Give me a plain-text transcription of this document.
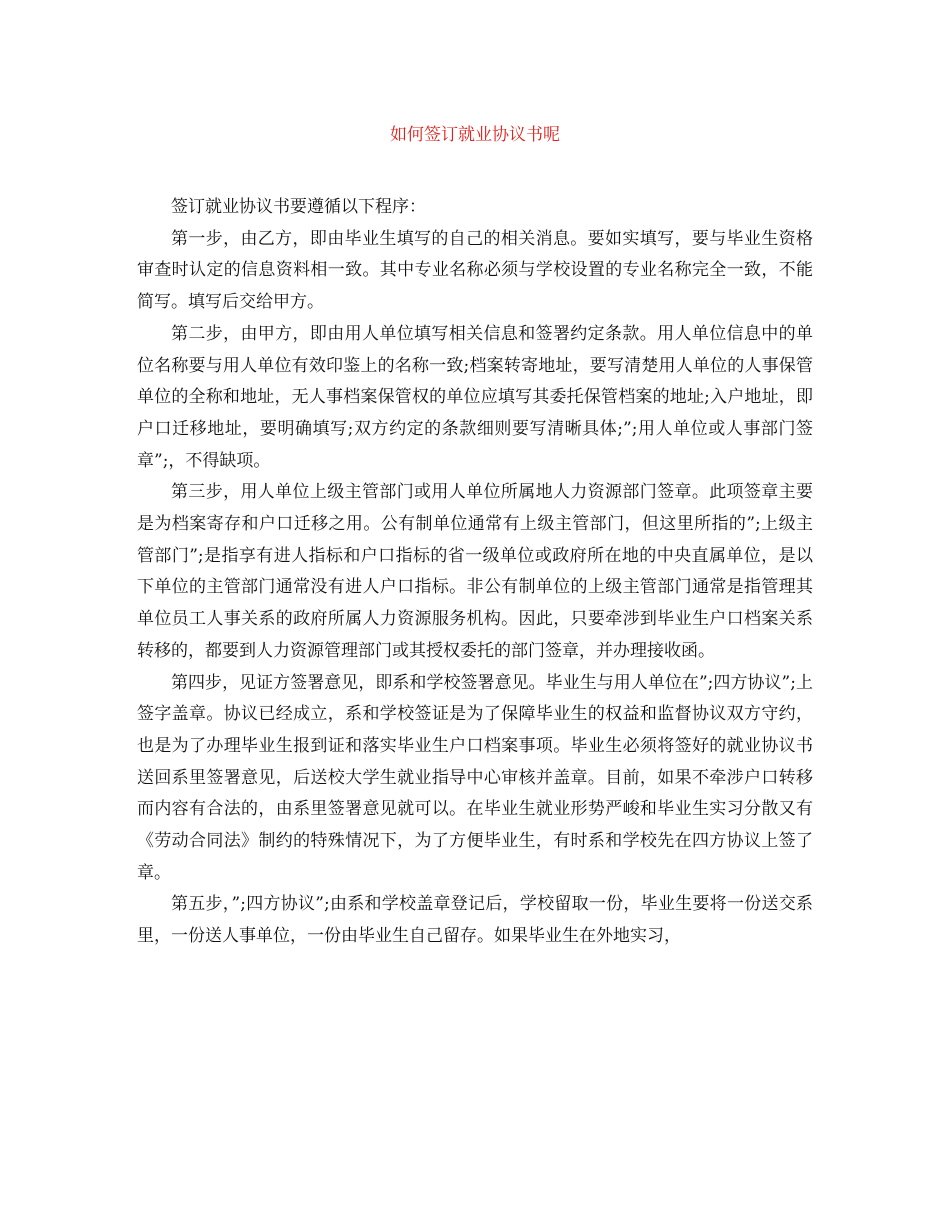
如何签订就业协议书呢

签订就业协议书要遵循以下程序：

第一步，由乙方，即由毕业生填写的自己的相关消息。要如实填写，要与毕业生资格审查时认定的信息资料相一致。其中专业名称必须与学校设置的专业名称完全一致，不能简写。填写后交给甲方。

第二步，由甲方，即由用人单位填写相关信息和签署约定条款。用人单位信息中的单位名称要与用人单位有效印鉴上的名称一致;档案转寄地址，要写清楚用人单位的人事保管单位的全称和地址，无人事档案保管权的单位应填写其委托保管档案的地址;入户地址，即户口迁移地址，要明确填写;双方约定的条款细则要写清晰具体;”;用人单位或人事部门签章”;，不得缺项。

第三步，用人单位上级主管部门或用人单位所属地人力资源部门签章。此项签章主要是为档案寄存和户口迁移之用。公有制单位通常有上级主管部门，但这里所指的”;上级主管部门”;是指享有进人指标和户口指标的省一级单位或政府所在地的中央直属单位，是以下单位的主管部门通常没有进人户口指标。非公有制单位的上级主管部门通常是指管理其单位员工人事关系的政府所属人力资源服务机构。因此，只要牵涉到毕业生户口档案关系转移的，都要到人力资源管理部门或其授权委托的部门签章，并办理接收函。

第四步，见证方签署意见，即系和学校签署意见。毕业生与用人单位在”;四方协议”;上签字盖章。协议已经成立，系和学校签证是为了保障毕业生的权益和监督协议双方守约，也是为了办理毕业生报到证和落实毕业生户口档案事项。毕业生必须将签好的就业协议书送回系里签署意见，后送校大学生就业指导中心审核并盖章。目前，如果不牵涉户口转移而内容有合法的，由系里签署意见就可以。在毕业生就业形势严峻和毕业生实习分散又有《劳动合同法》制约的特殊情况下，为了方便毕业生，有时系和学校先在四方协议上签了章。

第五步，”;四方协议”;由系和学校盖章登记后，学校留取一份，毕业生要将一份送交系里，一份送人事单位，一份由毕业生自己留存。如果毕业生在外地实习，
